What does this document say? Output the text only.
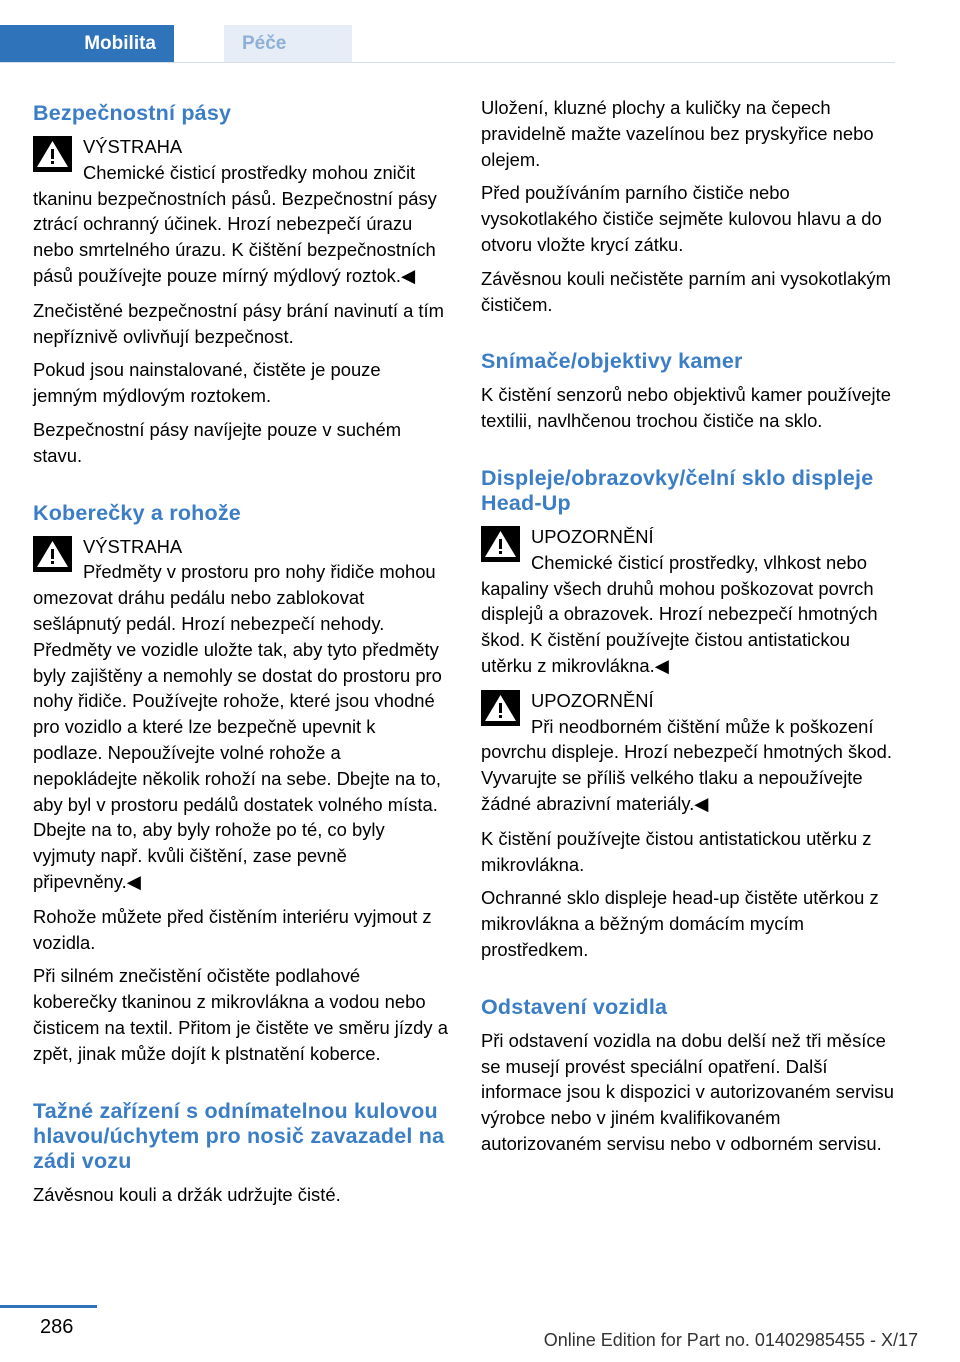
Mobilita	Péče
Bezpečnostní pásy

VÝSTRAHA

Chemické čisticí prostředky mohou zničit tkaninu bezpečnostních pásů. Bezpečnostní pásy ztrácí ochranný účinek. Hrozí nebezpečí úrazu nebo smrtelného úrazu. K čištění bezpečnostních pásů používejte pouze mírný mýdlový roztok.◀

Znečistěné bezpečnostní pásy brání navinutí a tím nepříznivě ovlivňují bezpečnost.

Pokud jsou nainstalované, čistěte je pouze jemným mýdlovým roztokem.

Bezpečnostní pásy navíjejte pouze v suchém stavu.

Koberečky a rohože

VÝSTRAHA

Předměty v prostoru pro nohy řidiče mohou omezovat dráhu pedálu nebo zablokovat sešlápnutý pedál. Hrozí nebezpečí nehody. Předměty ve vozidle uložte tak, aby tyto předměty byly zajištěny a nemohly se dostat do prostoru pro nohy řidiče. Používejte rohože, které jsou vhodné pro vozidlo a které lze bezpečně upevnit k podlaze. Nepoužívejte volné rohože a nepokládejte několik rohoží na sebe. Dbejte na to, aby byl v prostoru pedálů dostatek volného místa. Dbejte na to, aby byly rohože po té, co byly vyjmuty např. kvůli čištění, zase pevně připevněny.◀

Rohože můžete před čistěním interiéru vyjmout z vozidla.

Při silném znečistění očistěte podlahové koberečky tkaninou z mikrovlákna a vodou nebo čisticem na textil. Přitom je čistěte ve směru jízdy a zpět, jinak může dojít k plstnatění koberce.

Tažné zařízení s odnímatelnou kulovou hlavou/úchytem pro nosič zavazadel na zádi vozu

Závěsnou kouli a držák udržujte čisté.

Uložení, kluzné plochy a kuličky na čepech pravidelně mažte vazelínou bez pryskyřice nebo olejem.

Před používáním parního čističe nebo vysokotlakého čističe sejměte kulovou hlavu a do otvoru vložte krycí zátku.

Závěsnou kouli nečistěte parním ani vysokotlakým čističem.

Snímače/objektivy kamer

K čistění senzorů nebo objektivů kamer používejte textilii, navlhčenou trochou čističe na sklo.

Displeje/obrazovky/čelní sklo displeje Head-Up

UPOZORNĚNÍ

Chemické čisticí prostředky, vlhkost nebo kapaliny všech druhů mohou poškozovat povrch displejů a obrazovek. Hrozí nebezpečí hmotných škod. K čistění používejte čistou antistatickou utěrku z mikrovlákna.◀

UPOZORNĚNÍ

Při neodborném čištění může k poškození povrchu displeje. Hrozí nebezpečí hmotných škod. Vyvarujte se příliš velkého tlaku a nepoužívejte žádné abrazivní materiály.◀

K čistění používejte čistou antistatickou utěrku z mikrovlákna.

Ochranné sklo displeje head-up čistěte utěrkou z mikrovlákna a běžným domácím mycím prostředkem.

Odstavení vozidla

Při odstavení vozidla na dobu delší než tři měsíce se musejí provést speciální opatření. Další informace jsou k dispozici v autorizovaném servisu výrobce nebo v jiném kvalifikovaném autorizovaném servisu nebo v odborném servisu.

286
Online Edition for Part no. 01402985455 - X/17
